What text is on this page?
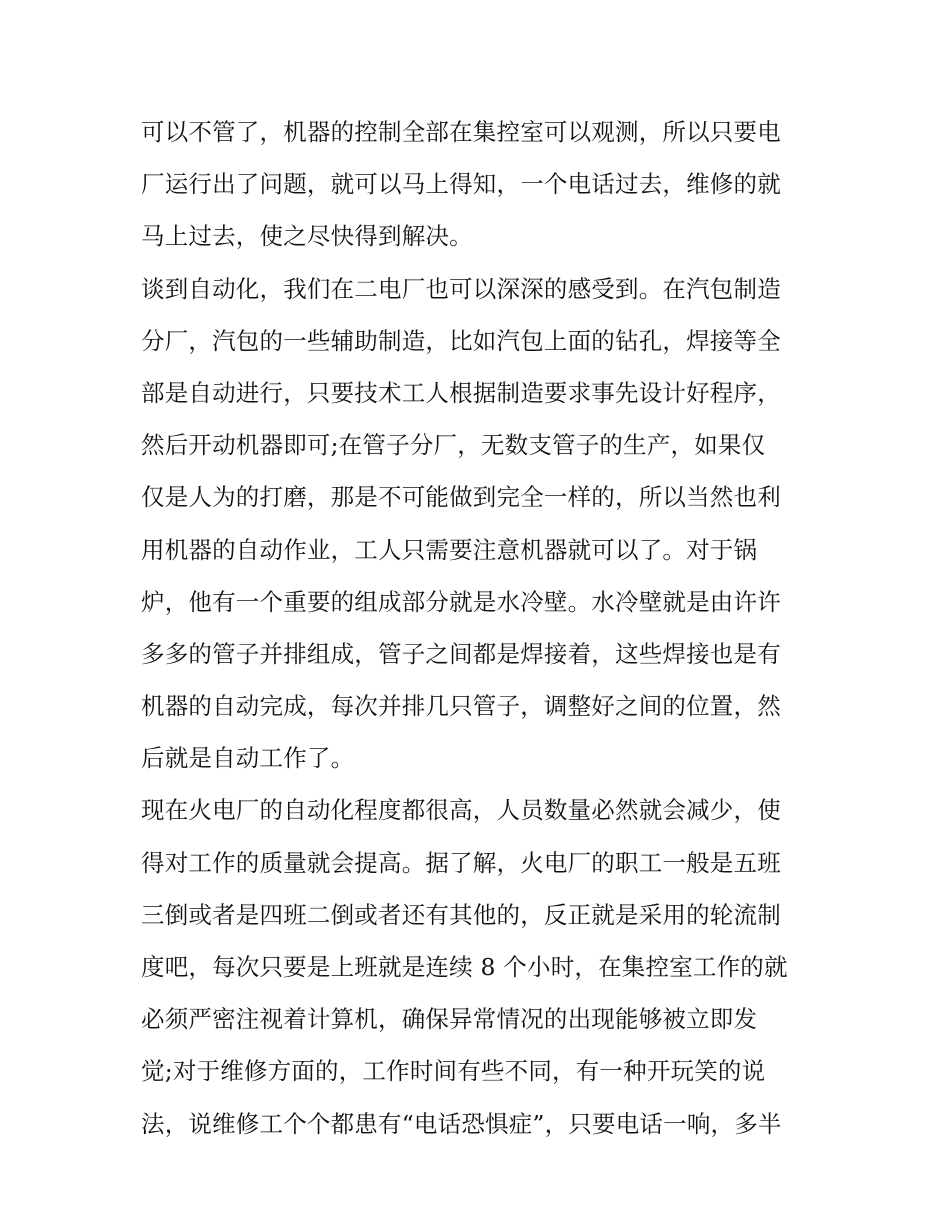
可以不管了，机器的控制全部在集控室可以观测，所以只要电
厂运行出了问题，就可以马上得知，一个电话过去，维修的就
马上过去，使之尽快得到解决。
谈到自动化，我们在二电厂也可以深深的感受到。在汽包制造
分厂，汽包的一些辅助制造，比如汽包上面的钻孔，焊接等全
部是自动进行，只要技术工人根据制造要求事先设计好程序，
然后开动机器即可;在管子分厂，无数支管子的生产，如果仅
仅是人为的打磨，那是不可能做到完全一样的，所以当然也利
用机器的自动作业，工人只需要注意机器就可以了。对于锅
炉，他有一个重要的组成部分就是水冷壁。水冷壁就是由许许
多多的管子并排组成，管子之间都是焊接着，这些焊接也是有
机器的自动完成，每次并排几只管子，调整好之间的位置，然
后就是自动工作了。
现在火电厂的自动化程度都很高，人员数量必然就会减少，使
得对工作的质量就会提高。据了解，火电厂的职工一般是五班
三倒或者是四班二倒或者还有其他的，反正就是采用的轮流制
度吧，每次只要是上班就是连续 8 个小时，在集控室工作的就
必须严密注视着计算机，确保异常情况的出现能够被立即发
觉;对于维修方面的，工作时间有些不同，有一种开玩笑的说
法，说维修工个个都患有“电话恐惧症”，只要电话一响，多半
